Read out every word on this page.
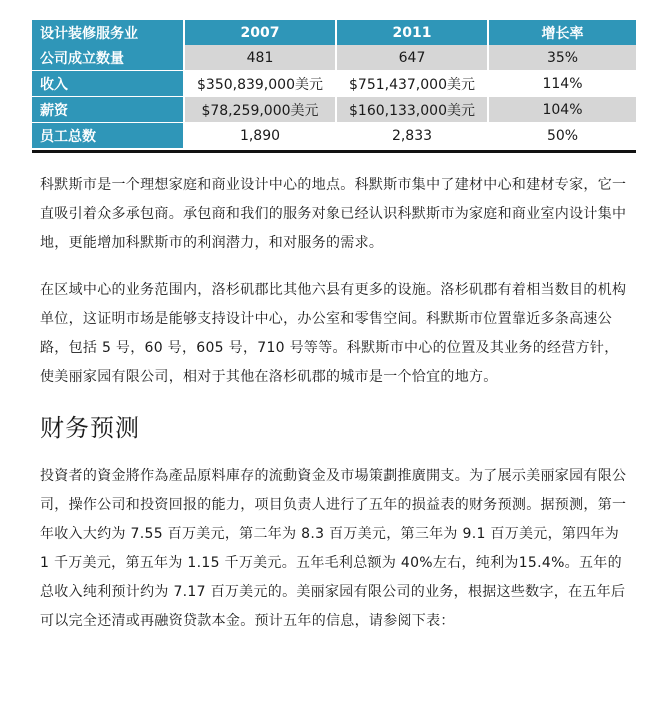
设计装修服务业	2007	2011	增长率
公司成立数量	481	647	35%
收入	$350,839,000美元	$751,437,000美元	114%
薪资	$78,259,000美元	$160,133,000美元	104%
员工总数	1,890	2,833	50%

科默斯市是一个理想家庭和商业设计中心的地点。科默斯市集中了建材中心和建材专家，它一直吸引着众多承包商。承包商和我们的服务对象已经认识科默斯市为家庭和商业室内设计集中地，更能增加科默斯市的利润潜力，和对服务的需求。

在区域中心的业务范围内，洛杉矶郡比其他六县有更多的设施。洛杉矶郡有着相当数目的机构单位，这证明市场是能够支持设计中心，办公室和零售空间。科默斯市位置靠近多条高速公路，包括 5 号，60 号，605 号，710 号等等。科默斯市中心的位置及其业务的经营方针，使美丽家园有限公司，相对于其他在洛杉矶郡的城市是一个恰宜的地方。

财务预测

投資者的資金將作為產品原料庫存的流動資金及市場策劃推廣開支。为了展示美丽家园有限公司，操作公司和投资回报的能力，项目负责人进行了五年的损益表的财务预测。据预测，第一年收入大约为 7.55 百万美元，第二年为 8.3 百万美元，第三年为 9.1 百万美元，第四年为 1 千万美元，第五年为 1.15 千万美元。五年毛利总额为 40%左右，纯利为15.4%。五年的总收入纯利预计约为 7.17 百万美元的。美丽家园有限公司的业务，根据这些数字，在五年后可以完全还清或再融资贷款本金。预计五年的信息，请参阅下表：
